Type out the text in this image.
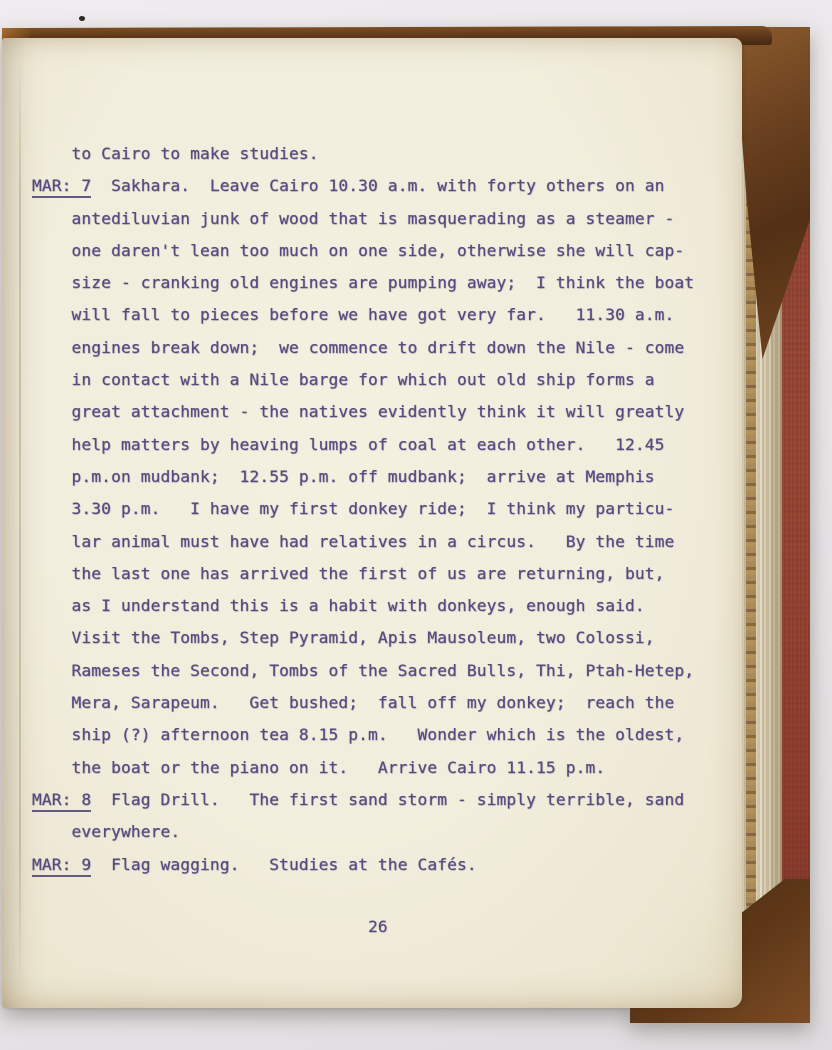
to Cairo to make studies.
MAR: 7  Sakhara.  Leave Cairo 10.30 a.m. with forty others on an
antediluvian junk of wood that is masquerading as a steamer -
one daren't lean too much on one side, otherwise she will cap-
size - cranking old engines are pumping away;  I think the boat
will fall to pieces before we have got very far.   11.30 a.m.
engines break down;  we commence to drift down the Nile - come
in contact with a Nile barge for which out old ship forms a
great attachment - the natives evidently think it will greatly
help matters by heaving lumps of coal at each other.   12.45
p.m.on mudbank;  12.55 p.m. off mudbank;  arrive at Memphis
3.30 p.m.   I have my first donkey ride;  I think my particu-
lar animal must have had relatives in a circus.   By the time
the last one has arrived the first of us are returning, but,
as I understand this is a habit with donkeys, enough said.
Visit the Tombs, Step Pyramid, Apis Mausoleum, two Colossi,
Rameses the Second, Tombs of the Sacred Bulls, Thi, Ptah-Hetep,
Mera, Sarapeum.   Get bushed;  fall off my donkey;  reach the
ship (?) afternoon tea 8.15 p.m.   Wonder which is the oldest,
the boat or the piano on it.   Arrive Cairo 11.15 p.m.
MAR: 8  Flag Drill.   The first sand storm - simply terrible, sand
everywhere.
MAR: 9  Flag wagging.   Studies at the Cafés.
26
